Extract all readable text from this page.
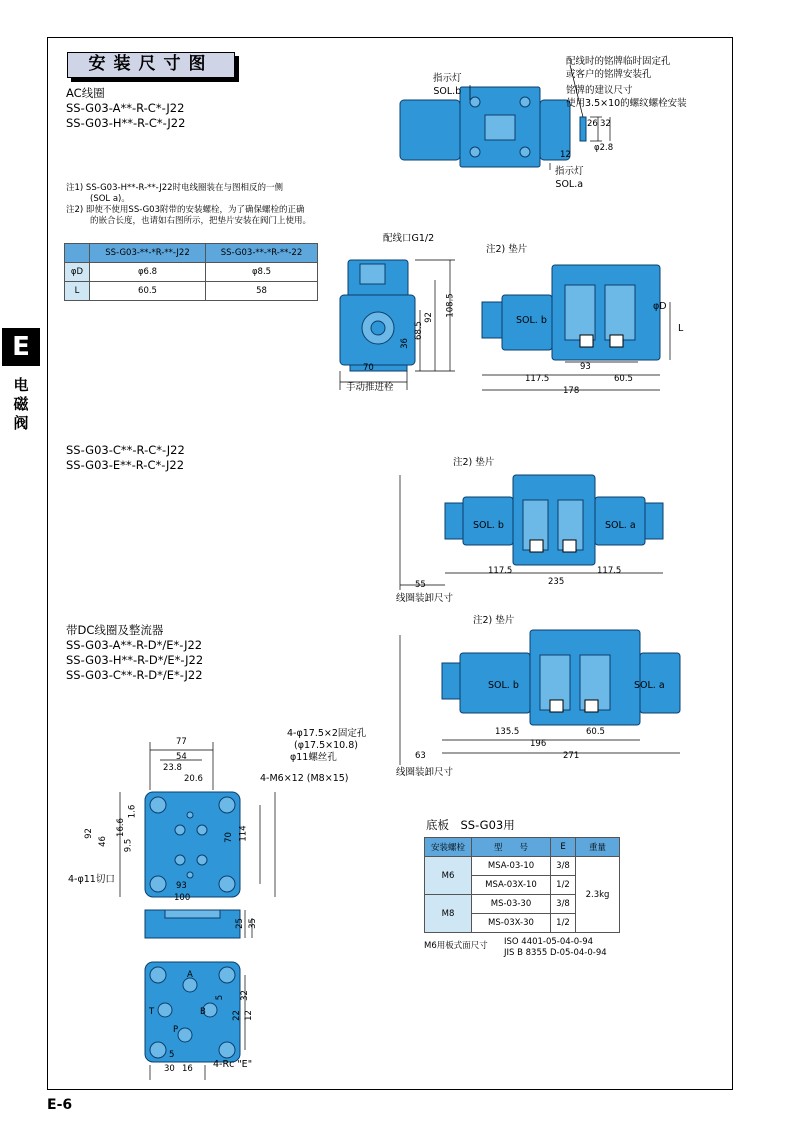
安装尺寸图
E
电
磁
阀
E-6
AC线圈
SS-G03-A**-R-C*-J22
SS-G03-H**-R-C*-J22
注1) SS-G03-H**-R-**-J22时电线圈装在与图相反的一侧
(SOL a)。
注2) 即使不使用SS-G03附带的安装螺栓，为了确保螺栓的正确
的嵌合长度，也请如右图所示，把垫片安装在阀门上使用。
	SS-G03-**-*R-**-J22	SS-G03-**-*R-**-22
φD	φ6.8	φ8.5
L	60.5	58
SS-G03-C**-R-C*-J22
SS-G03-E**-R-C*-J22
带DC线圈及整流器
SS-G03-A**-R-D*/E*-J22
SS-G03-H**-R-D*/E*-J22
SS-G03-C**-R-D*/E*-J22
指示灯
SOL.b
指示灯
SOL.a
配线时的铭牌临时固定孔
或客户的铭牌安装孔
铭牌的建议尺寸
使用3.5×10的螺纹螺栓安装
26 32
12
φ2.8
配线口G1/2
手动推进栓
108.5
92
68.5
36
70
注2) 垫片
SOL. b
φD
L
93
117.5	60.5
178
注2) 垫片
SOL. b	SOL. a
55
117.5
235
117.5
线圈装卸尺寸
注2) 垫片
SOL. b	SOL. a
135.5	60.5
196
63	271
线圈装卸尺寸
4-φ17.5×2固定孔
(φ17.5×10.8)
φ11螺丝孔
4-M6×12 (M8×15)
4-φ11切口
4-Rc "E"
77
54
23.8
20.6
92
46
16.6
9.5
1.6
70 114
93
100
25 35
5 32
22 12
5
30 16
A
B
P
T
底板　SS-G03用
安装螺栓	型　　号	E	重量
M6	MSA-03-10	3/8	2.3kg
	MSA-03X-10	1/2	
M8	MS-03-30	3/8	
	MS-03X-30	1/2	
M6用板式面尺寸 ISO 4401-05-04-0-94
JIS B 8355 D-05-04-0-94
